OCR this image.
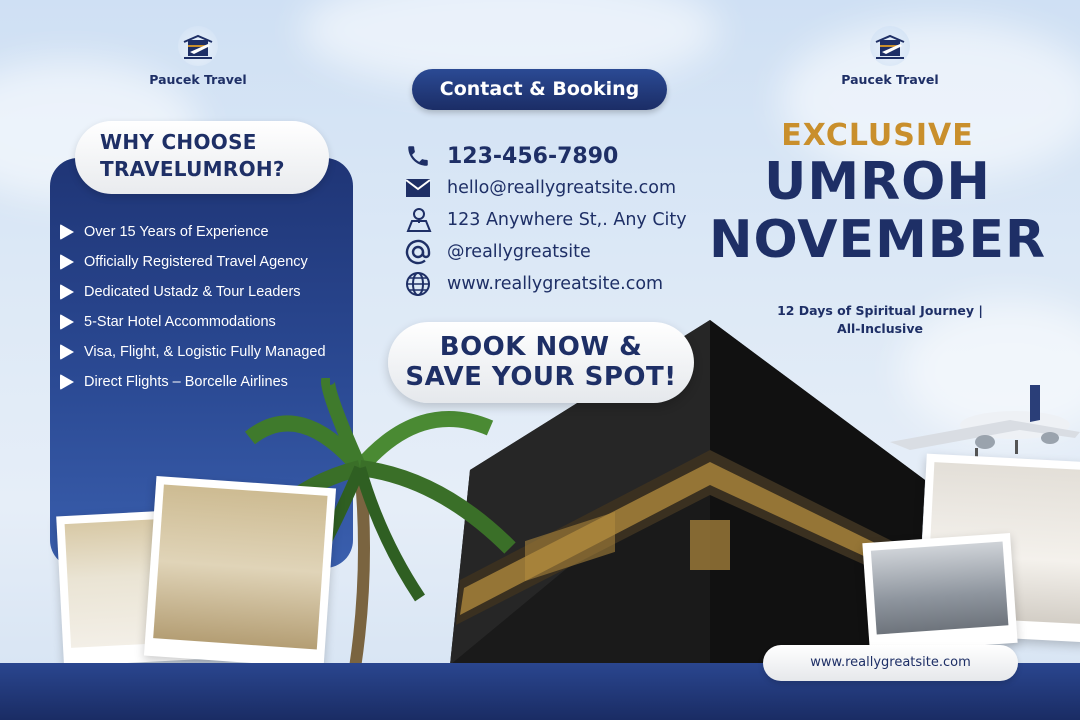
Paucek Travel	Paucek Travel
WHY CHOOSE
TRAVELUMROH?
Over 15 Years of Experience
Officially Registered Travel Agency
Dedicated Ustadz & Tour Leaders
5-Star Hotel Accommodations
Visa, Flight, & Logistic Fully Managed
Direct Flights – Borcelle Airlines
Contact & Booking
123-456-7890
hello@reallygreatsite.com
123 Anywhere St,. Any City
@reallygreatsite
www.reallygreatsite.com
BOOK NOW &
SAVE YOUR SPOT!
EXCLUSIVE
UMROH
NOVEMBER
12 Days of Spiritual Journey |
All-Inclusive
www.reallygreatsite.com
